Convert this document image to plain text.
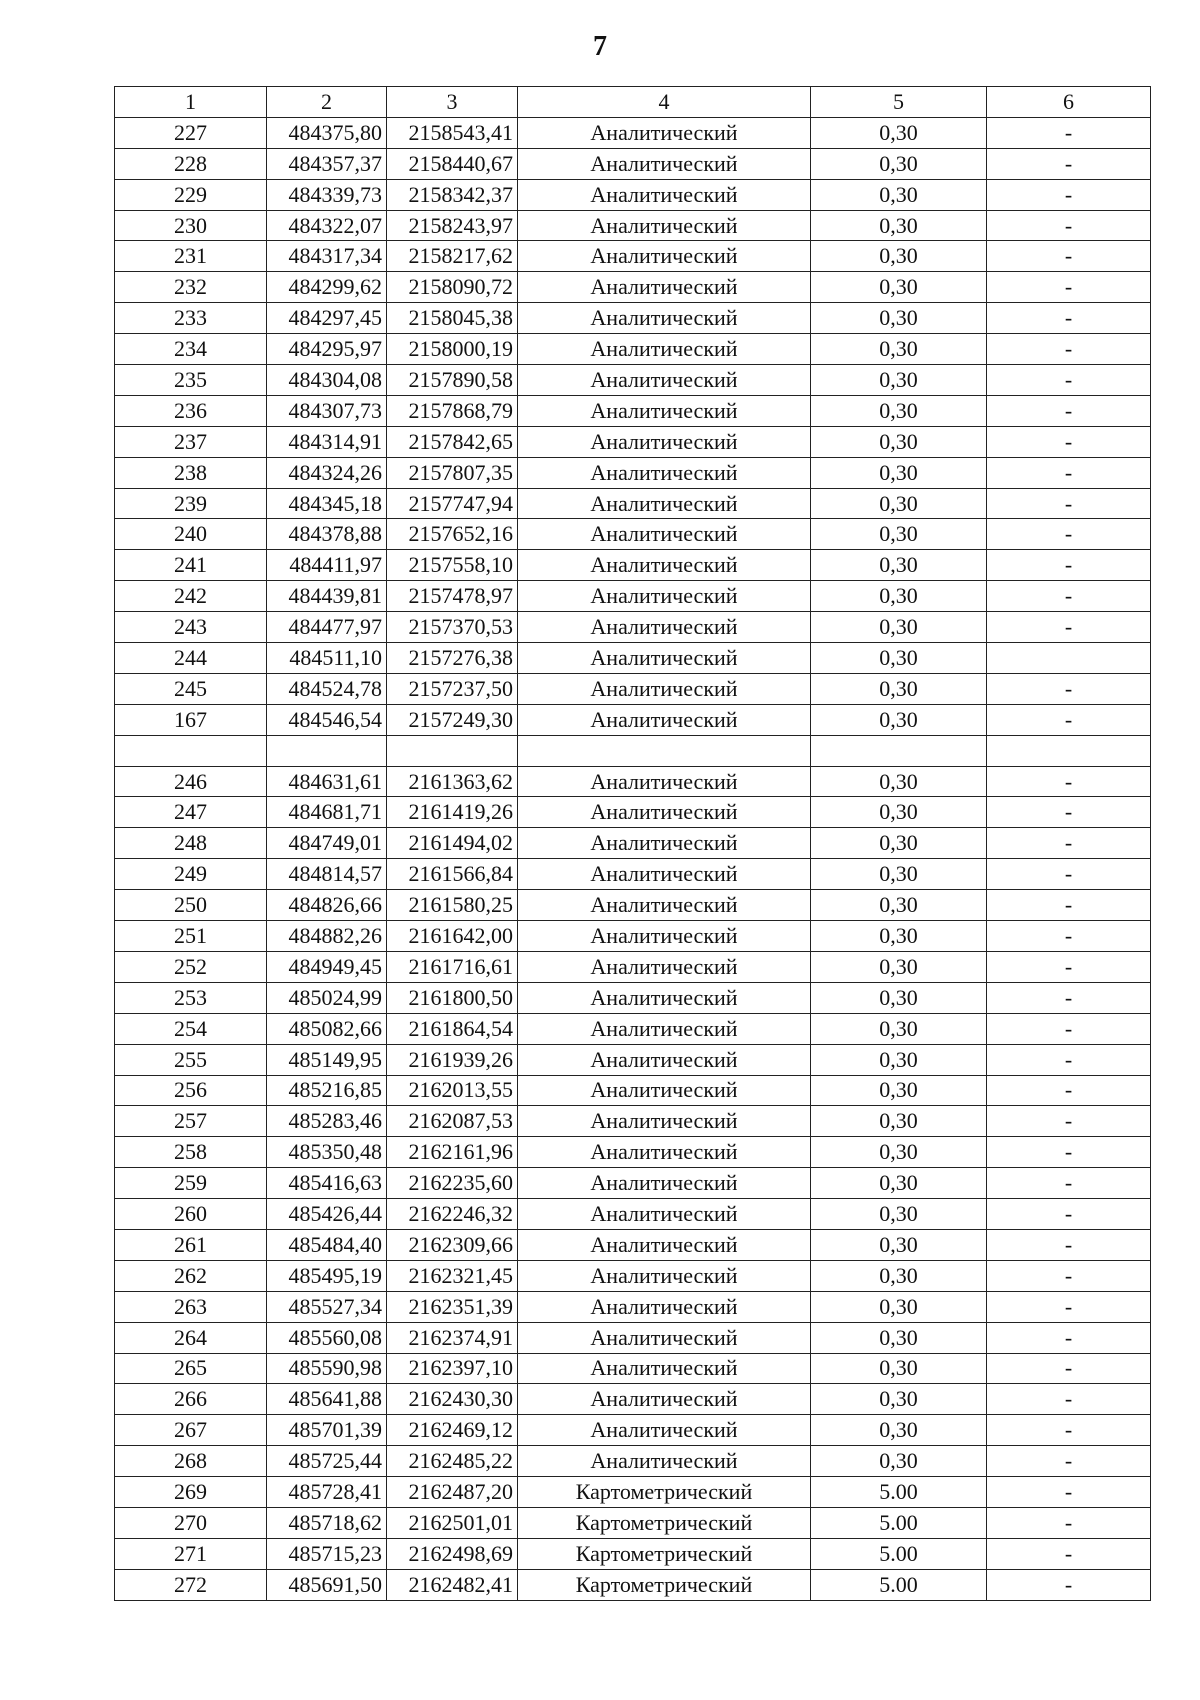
7
1	2	3	4	5	6
227	484375,80	2158543,41	Аналитический	0,30	-
228	484357,37	2158440,67	Аналитический	0,30	-
229	484339,73	2158342,37	Аналитический	0,30	-
230	484322,07	2158243,97	Аналитический	0,30	-
231	484317,34	2158217,62	Аналитический	0,30	-
232	484299,62	2158090,72	Аналитический	0,30	-
233	484297,45	2158045,38	Аналитический	0,30	-
234	484295,97	2158000,19	Аналитический	0,30	-
235	484304,08	2157890,58	Аналитический	0,30	-
236	484307,73	2157868,79	Аналитический	0,30	-
237	484314,91	2157842,65	Аналитический	0,30	-
238	484324,26	2157807,35	Аналитический	0,30	-
239	484345,18	2157747,94	Аналитический	0,30	-
240	484378,88	2157652,16	Аналитический	0,30	-
241	484411,97	2157558,10	Аналитический	0,30	-
242	484439,81	2157478,97	Аналитический	0,30	-
243	484477,97	2157370,53	Аналитический	0,30	-
244	484511,10	2157276,38	Аналитический	0,30	
245	484524,78	2157237,50	Аналитический	0,30	-
167	484546,54	2157249,30	Аналитический	0,30	-

246	484631,61	2161363,62	Аналитический	0,30	-
247	484681,71	2161419,26	Аналитический	0,30	-
248	484749,01	2161494,02	Аналитический	0,30	-
249	484814,57	2161566,84	Аналитический	0,30	-
250	484826,66	2161580,25	Аналитический	0,30	-
251	484882,26	2161642,00	Аналитический	0,30	-
252	484949,45	2161716,61	Аналитический	0,30	-
253	485024,99	2161800,50	Аналитический	0,30	-
254	485082,66	2161864,54	Аналитический	0,30	-
255	485149,95	2161939,26	Аналитический	0,30	-
256	485216,85	2162013,55	Аналитический	0,30	-
257	485283,46	2162087,53	Аналитический	0,30	-
258	485350,48	2162161,96	Аналитический	0,30	-
259	485416,63	2162235,60	Аналитический	0,30	-
260	485426,44	2162246,32	Аналитический	0,30	-
261	485484,40	2162309,66	Аналитический	0,30	-
262	485495,19	2162321,45	Аналитический	0,30	-
263	485527,34	2162351,39	Аналитический	0,30	-
264	485560,08	2162374,91	Аналитический	0,30	-
265	485590,98	2162397,10	Аналитический	0,30	-
266	485641,88	2162430,30	Аналитический	0,30	-
267	485701,39	2162469,12	Аналитический	0,30	-
268	485725,44	2162485,22	Аналитический	0,30	-
269	485728,41	2162487,20	Картометрический	5.00	-
270	485718,62	2162501,01	Картометрический	5.00	-
271	485715,23	2162498,69	Картометрический	5.00	-
272	485691,50	2162482,41	Картометрический	5.00	-
